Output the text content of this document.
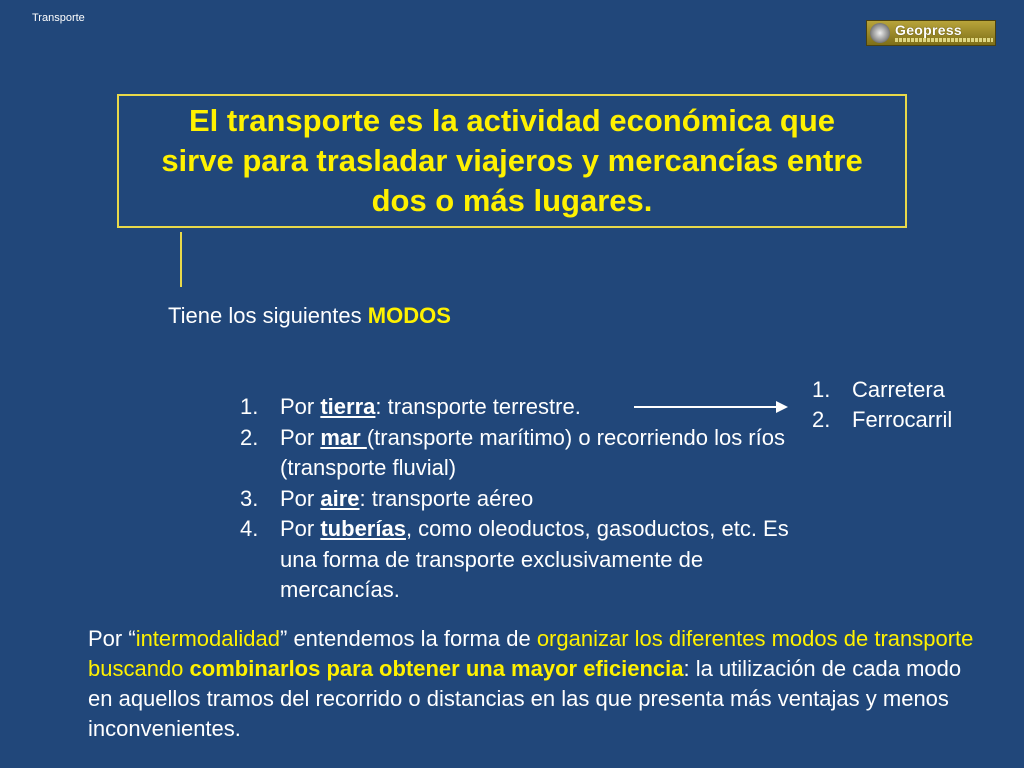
Transporte
Geopress

El transporte es la actividad económica que sirve para trasladar viajeros y mercancías entre dos o más lugares.

Tiene los siguientes MODOS
1. Por tierra: transporte terrestre.
2. Por mar (transporte marítimo) o recorriendo los ríos (transporte fluvial)
3. Por aire: transporte aéreo
4. Por tuberías, como oleoductos, gasoductos, etc. Es una forma de transporte exclusivamente de mercancías.
1. Carretera
2. Ferrocarril

Por “intermodalidad” entendemos la forma de organizar los diferentes modos de transporte buscando combinarlos para obtener una mayor eficiencia: la utilización de cada modo en aquellos tramos del recorrido o distancias en las que presenta más ventajas y menos inconvenientes.
